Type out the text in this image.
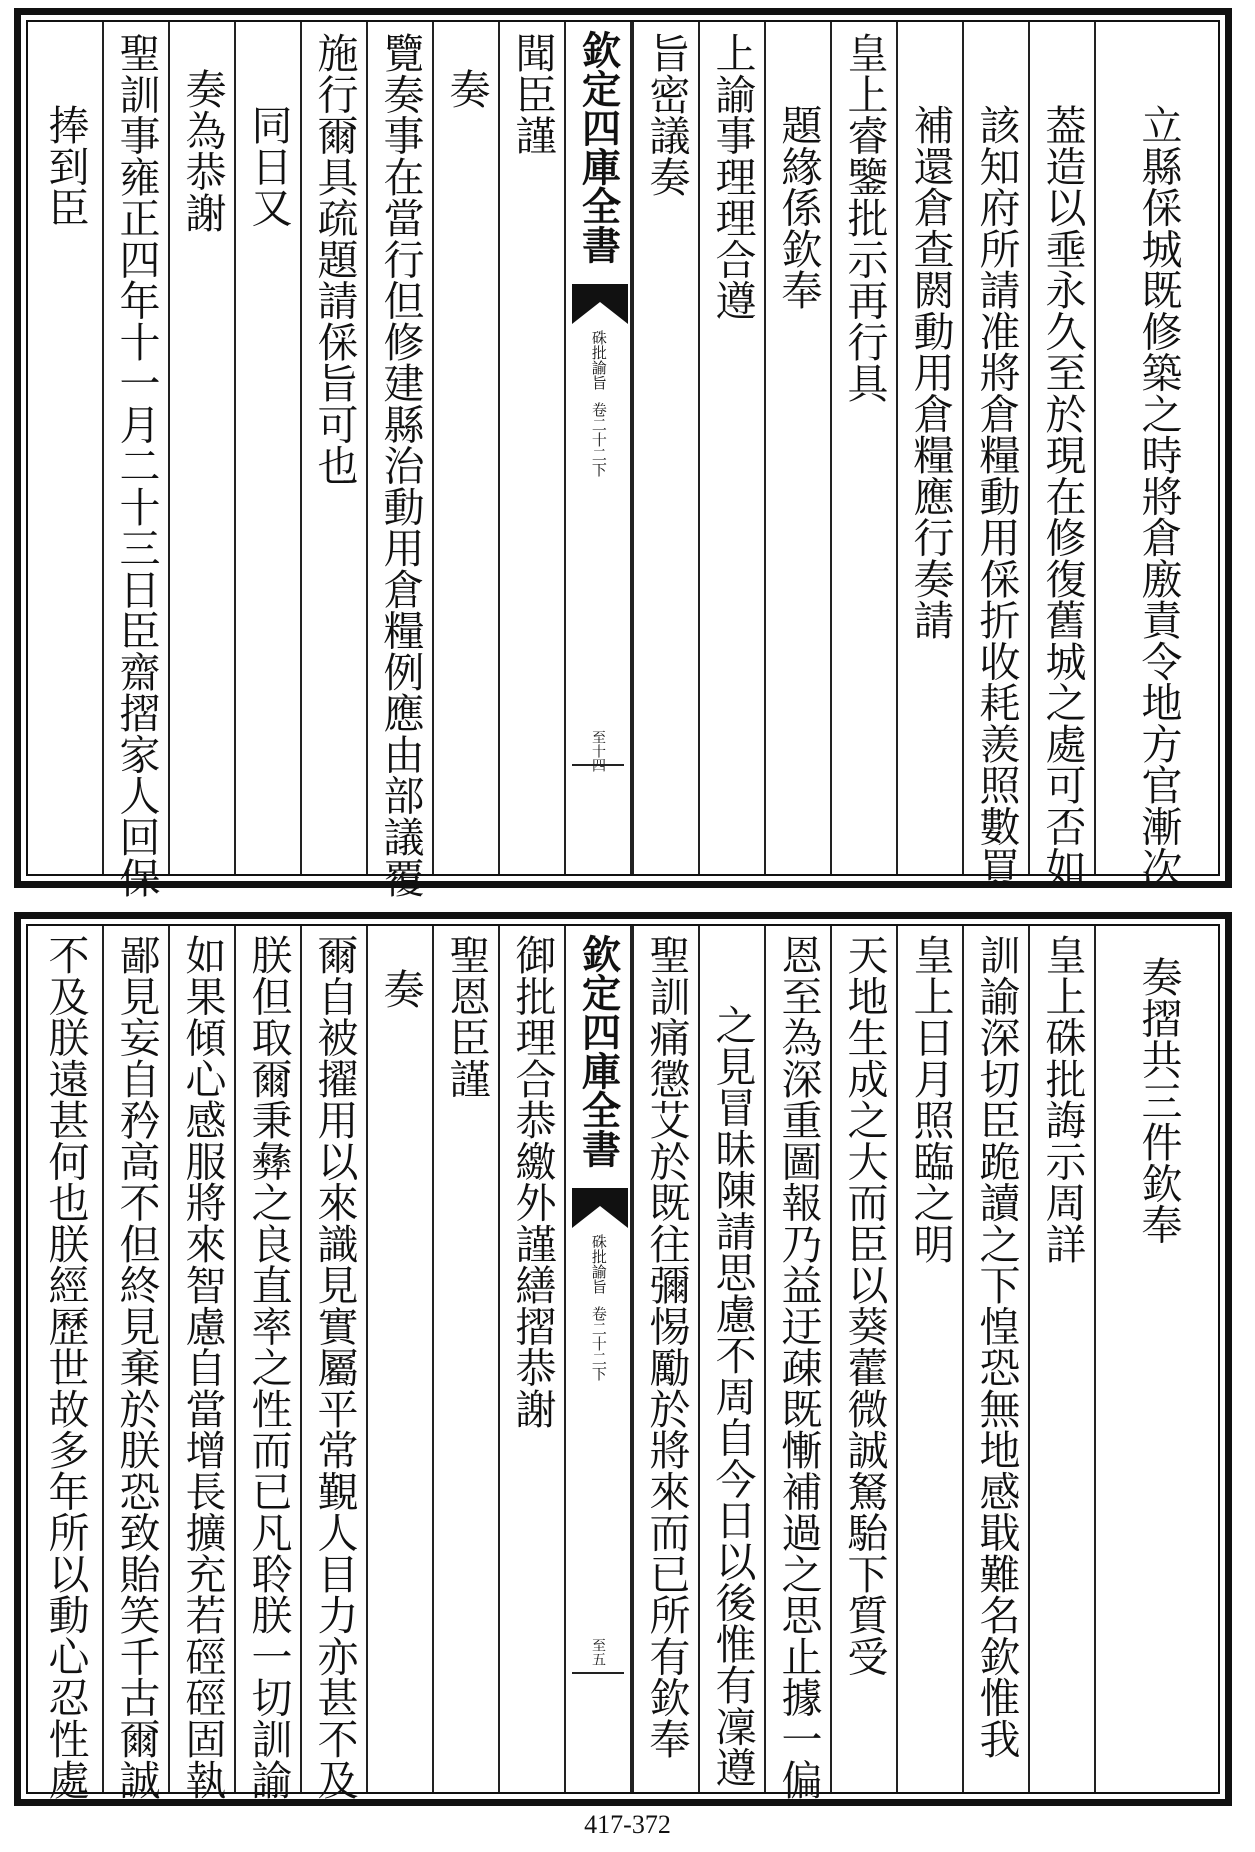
立縣倸城既修築之時將倉廒責令地方官漸次
葢造以埀永久至於現在修復舊城之處可否如
該知府所請准將倉糧動用倸折收耗羨照數買
補還倉查閼動用倉糧應行奏請
皇上睿鑒批示再行具
題緣係欽奉
上諭事理理合遵
旨密議奏
欽定四庫全書
硃批諭旨
卷二十二下
至十四
聞臣謹
奏
覽奏事在當行但修建縣治動用倉糧例應由部議覆
施行爾具疏題請倸旨可也
同日又
奏為恭謝
聖訓事雍正四年十一月二十三日臣齋摺家人回保
捧到臣
奏摺共三件欽奉
皇上硃批誨示周詳
訓諭深切臣跪讀之下惶恐無地感戢難名欽惟我
皇上日月照臨之明
天地生成之大而臣以葵藿微誠駑駘下質受
恩至為深重圖報乃益迂疎既慚補過之思止據一偏
之見冒昧陳請思慮不周自今日以後惟有凜遵
聖訓痛懲艾於既往彌惕勵於將來而已所有欽奉
欽定四庫全書
硃批諭旨
卷二十二下
至五
御批理合恭繳外謹繕摺恭謝
聖恩臣謹
奏
爾自被擢用以來識見實屬平常覲人目力亦甚不及
朕但取爾秉彝之良直率之性而已凡聆朕一切訓諭
如果傾心感服將來智慮自當增長擴充若硜硜固執
鄙見妄自矜高不但終見棄於朕恐致貽笑千古爾誠
不及朕遠甚何也朕經歷世故多年所以動心忍性處
417-372
